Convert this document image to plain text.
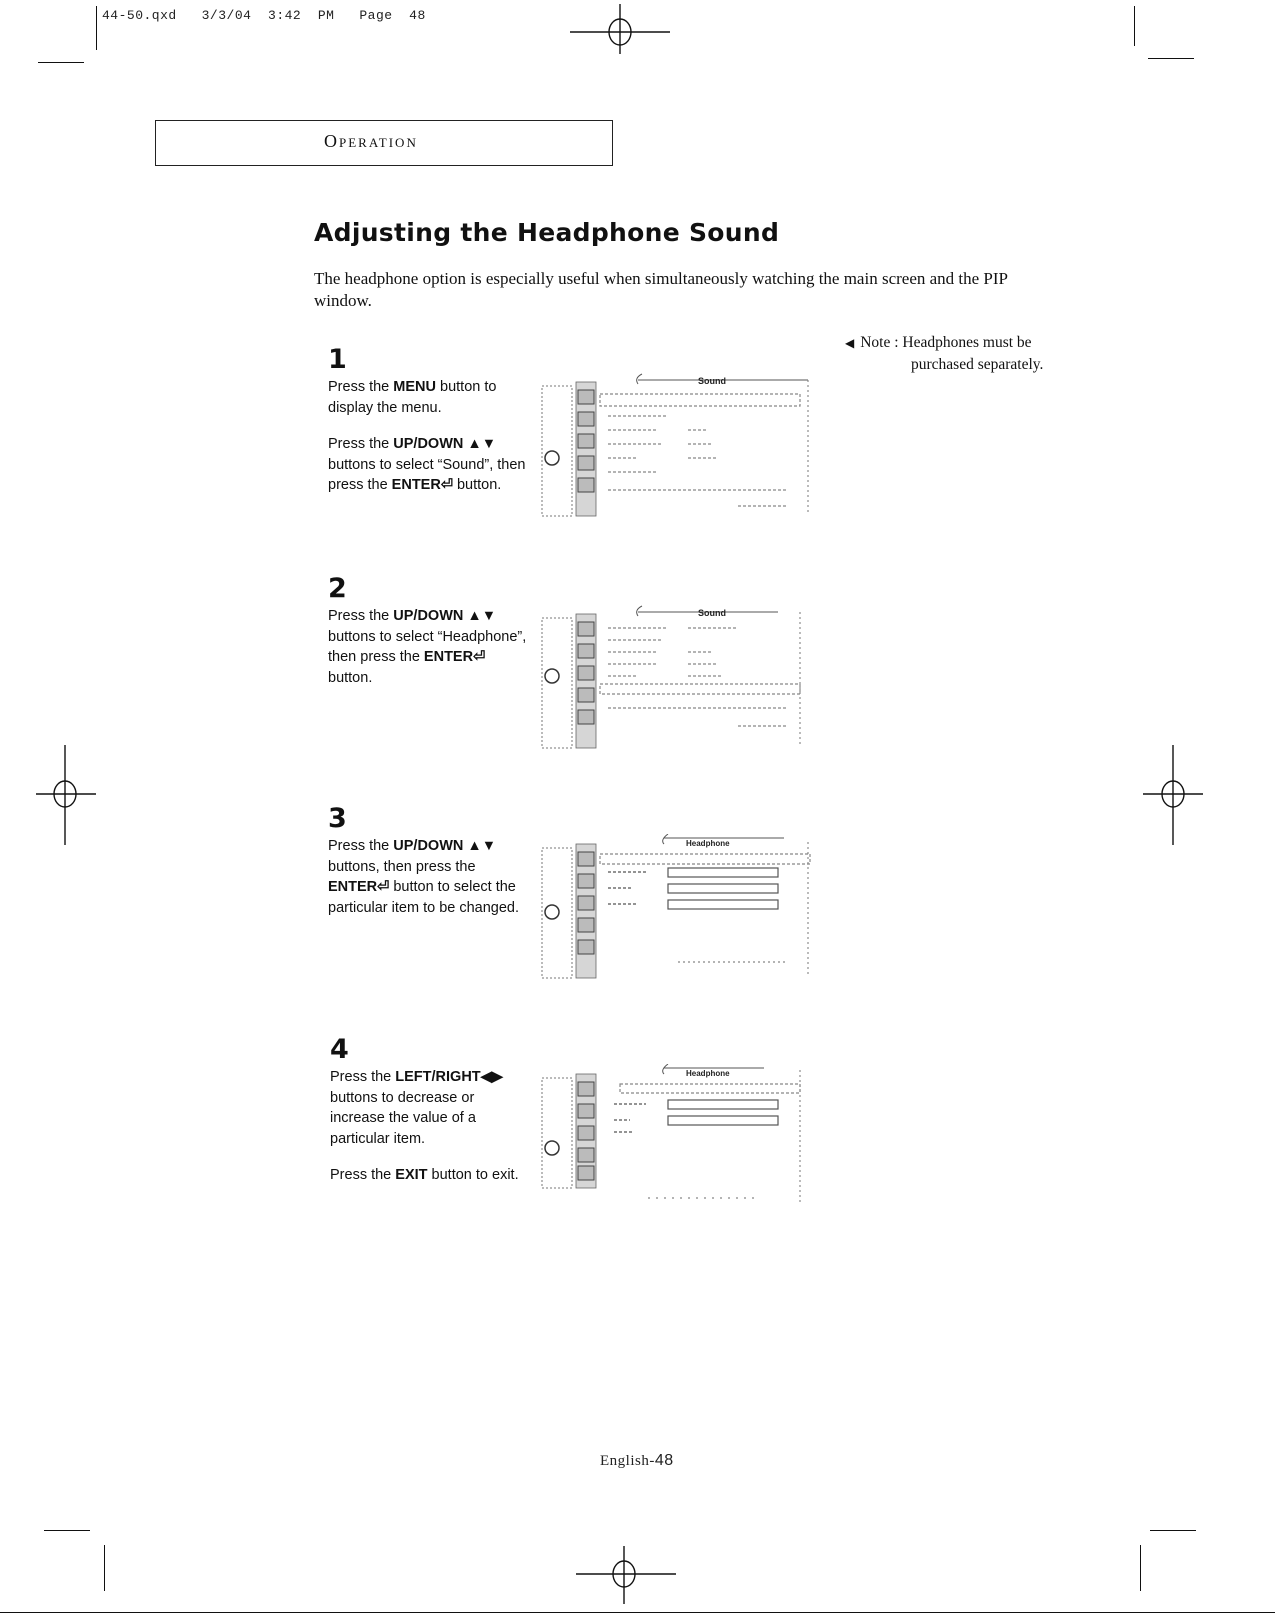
44-50.qxd   3/3/04  3:42  PM   Page  48
Operation
Adjusting the Headphone Sound
The headphone option is especially useful when simultaneously watching the main screen and the PIP window.
◀ Note : Headphones must be
purchased separately.
1

Press the MENU button to display the menu.

Press the UP/DOWN ▲▼ buttons to select “Sound”, then press the ENTER⏎ button.

Sound
2

Press the UP/DOWN ▲▼ buttons to select “Headphone”, then press the ENTER⏎ button.

Sound
3

Press the UP/DOWN ▲▼ buttons, then press the ENTER⏎ button to select the particular item to be changed.

Headphone
4

Press the LEFT/RIGHT◀▶ buttons to decrease or increase the value of a particular item.

Press the EXIT button to exit.

Headphone
English-48
